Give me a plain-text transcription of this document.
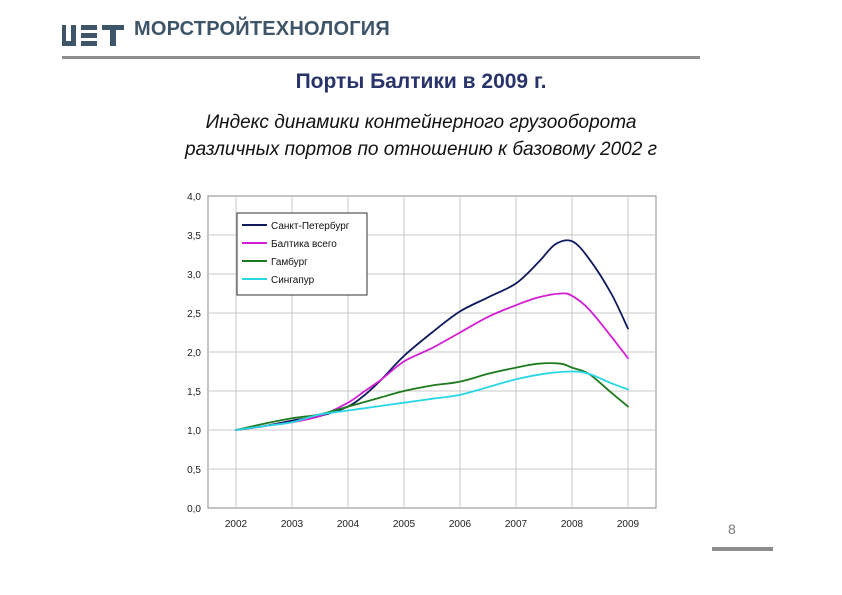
МОРСТРОЙТЕХНОЛОГИЯ
Порты Балтики в 2009 г.
Индекс динамики контейнерного грузооборота
различных портов по отношению к базовому 2002 г
0,0
0,5
1,0
1,5
2,0
2,5
3,0
3,5
4,0
2002	2003	2004	2005	2006	2007	2008	2009
Санкт-Петербург
Балтика всего
Гамбург
Сингапур
8
